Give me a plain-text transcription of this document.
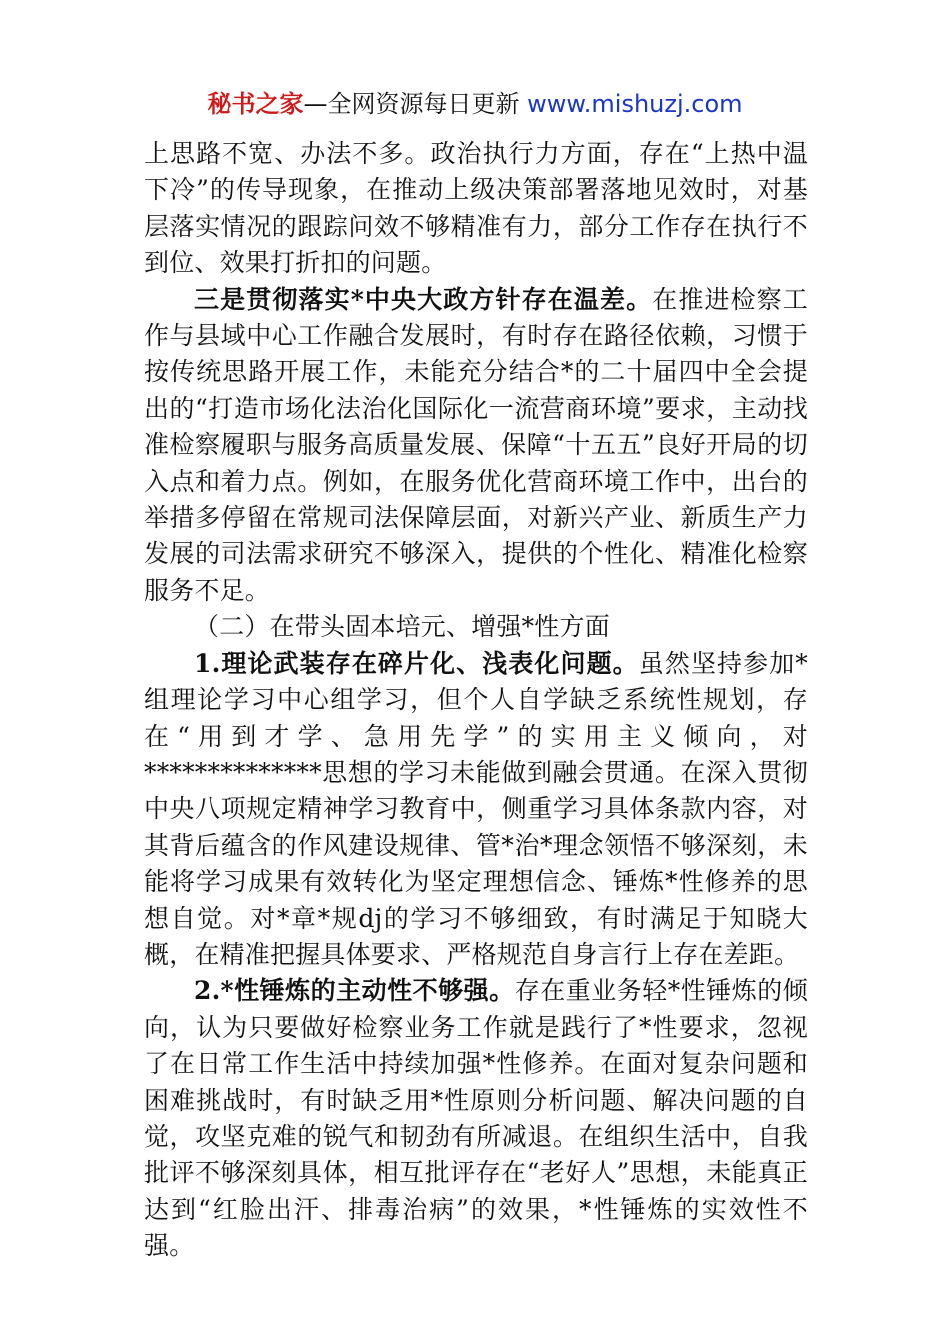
秘书之家—全网资源每日更新 www.mishuzj.com

上思路不宽、办法不多。政治执行力方面，存在“上热中温下冷”的传导现象，在推动上级决策部署落地见效时，对基层落实情况的跟踪问效不够精准有力，部分工作存在执行不到位、效果打折扣的问题。

三是贯彻落实*中央大政方针存在温差。在推进检察工作与县域中心工作融合发展时，有时存在路径依赖，习惯于按传统思路开展工作，未能充分结合*的二十届四中全会提出的“打造市场化法治化国际化一流营商环境”要求，主动找准检察履职与服务高质量发展、保障“十五五”良好开局的切入点和着力点。例如，在服务优化营商环境工作中，出台的举措多停留在常规司法保障层面，对新兴产业、新质生产力发展的司法需求研究不够深入，提供的个性化、精准化检察服务不足。

（二）在带头固本培元、增强*性方面

1.理论武装存在碎片化、浅表化问题。虽然坚持参加*组理论学习中心组学习，但个人自学缺乏系统性规划，存在“用到才学、急用先学”的实用主义倾向，对**************思想的学习未能做到融会贯通。在深入贯彻中央八项规定精神学习教育中，侧重学习具体条款内容，对其背后蕴含的作风建设规律、管*治*理念领悟不够深刻，未能将学习成果有效转化为坚定理想信念、锤炼*性修养的思想自觉。对*章*规dj的学习不够细致，有时满足于知晓大概，在精准把握具体要求、严格规范自身言行上存在差距。

2.*性锤炼的主动性不够强。存在重业务轻*性锤炼的倾向，认为只要做好检察业务工作就是践行了*性要求，忽视了在日常工作生活中持续加强*性修养。在面对复杂问题和困难挑战时，有时缺乏用*性原则分析问题、解决问题的自觉，攻坚克难的锐气和韧劲有所减退。在组织生活中，自我批评不够深刻具体，相互批评存在“老好人”思想，未能真正达到“红脸出汗、排毒治病”的效果，*性锤炼的实效性不强。
